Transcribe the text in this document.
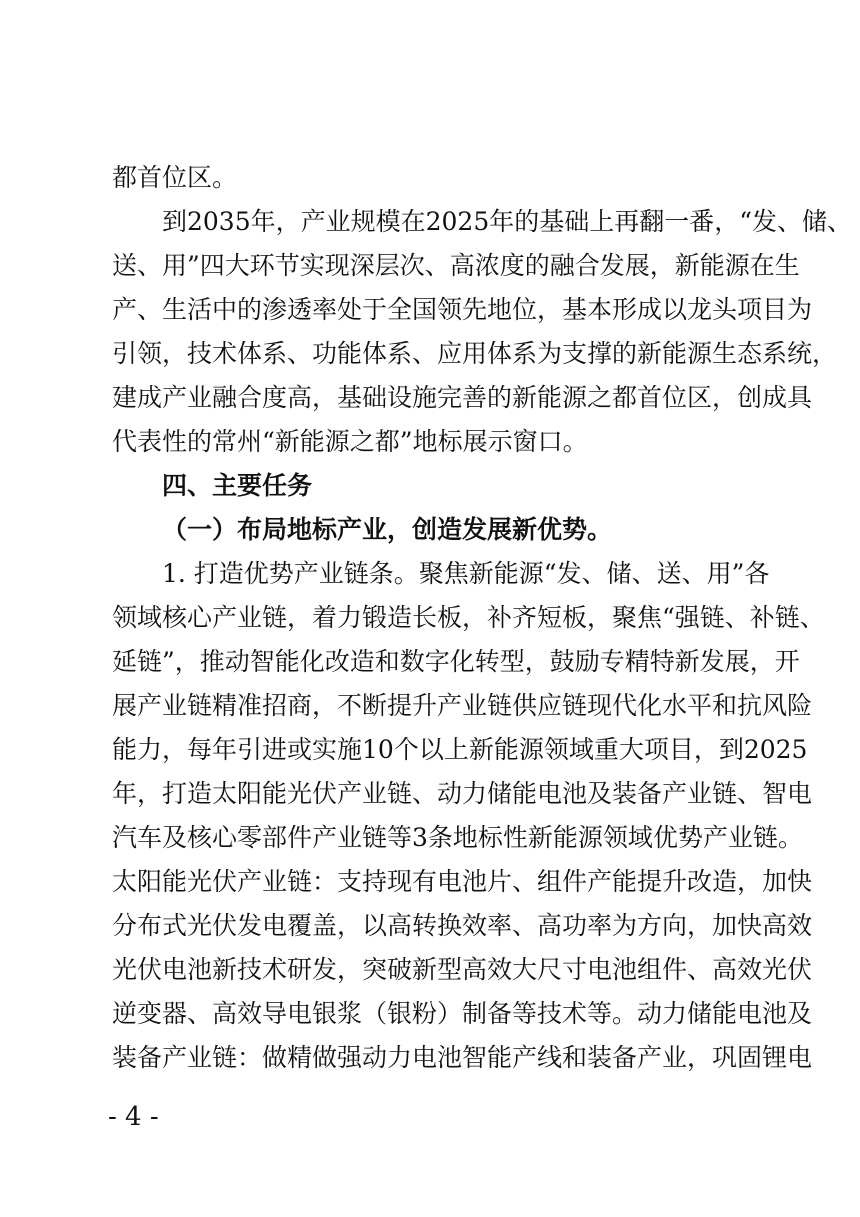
都首位区。
到2035年，产业规模在2025年的基础上再翻一番，“发、储、
送、用”四大环节实现深层次、高浓度的融合发展，新能源在生
产、生活中的渗透率处于全国领先地位，基本形成以龙头项目为
引领，技术体系、功能体系、应用体系为支撑的新能源生态系统，
建成产业融合度高，基础设施完善的新能源之都首位区，创成具
代表性的常州“新能源之都”地标展示窗口。
四、主要任务
（一）布局地标产业，创造发展新优势。
1. 打造优势产业链条。聚焦新能源“发、储、送、用”各
领域核心产业链，着力锻造长板，补齐短板，聚焦“强链、补链、
延链”，推动智能化改造和数字化转型，鼓励专精特新发展，开
展产业链精准招商，不断提升产业链供应链现代化水平和抗风险
能力，每年引进或实施10个以上新能源领域重大项目，到2025
年，打造太阳能光伏产业链、动力储能电池及装备产业链、智电
汽车及核心零部件产业链等3条地标性新能源领域优势产业链。
太阳能光伏产业链：支持现有电池片、组件产能提升改造，加快
分布式光伏发电覆盖，以高转换效率、高功率为方向，加快高效
光伏电池新技术研发，突破新型高效大尺寸电池组件、高效光伏
逆变器、高效导电银浆（银粉）制备等技术等。动力储能电池及
装备产业链：做精做强动力电池智能产线和装备产业，巩固锂电
- 4 -
